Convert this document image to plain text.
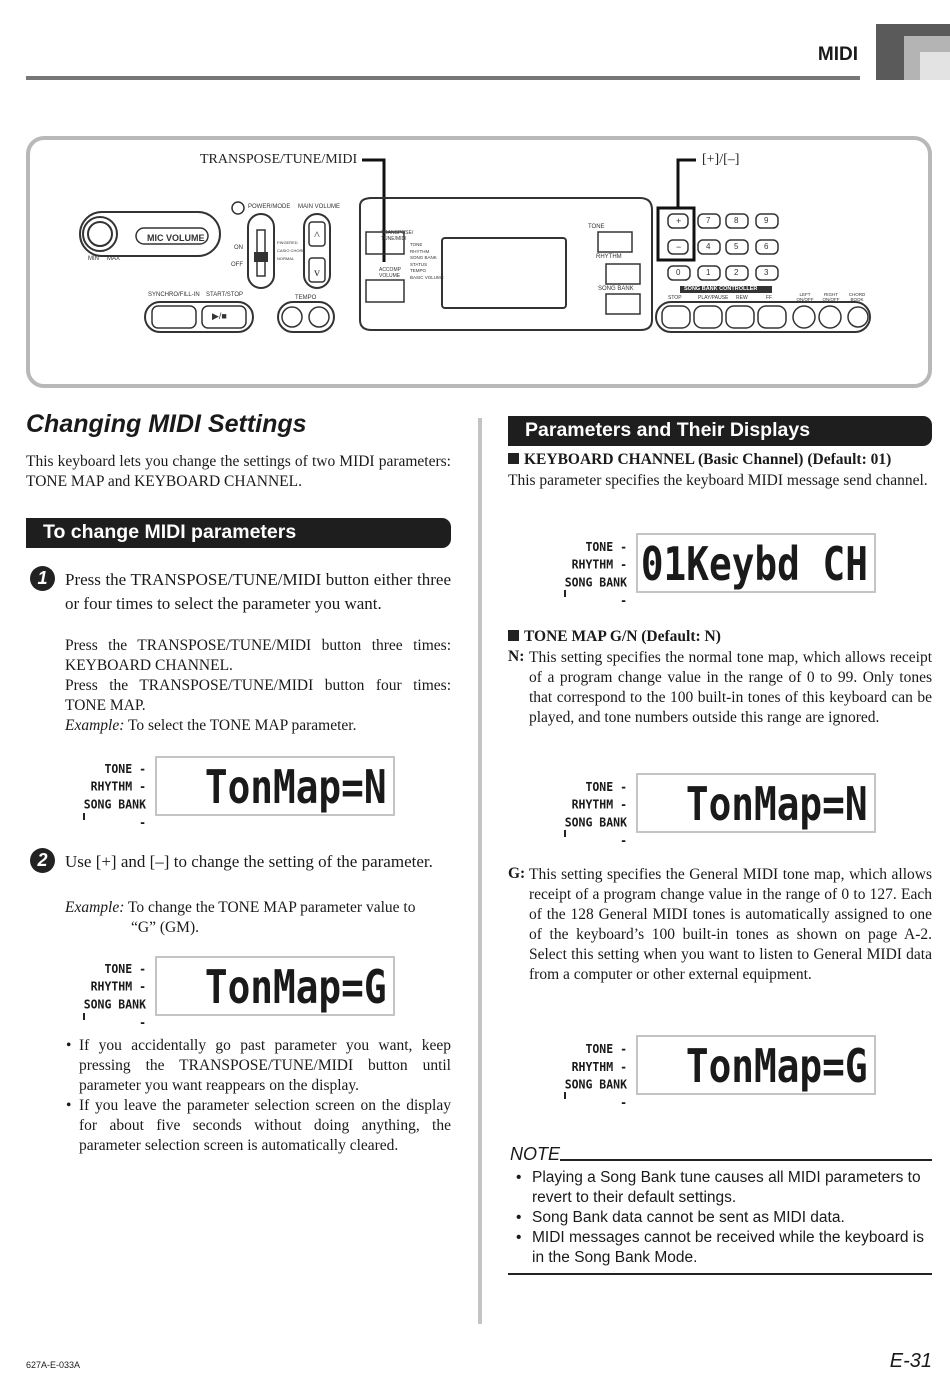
MIDI
TRANSPOSE/TUNE/MIDI	[+]/[–]
^
v
MIC VOLUME
MIN MAX
POWER/MODE MAIN VOLUME
ON
OFF
FINGERED
CASIO CHORD
NORMAL
SYNCHRO/FILL-IN START/STOP
▶/■
TEMPO
TRANSPOSE/ TUNE/MIDI
ACCOMP VOLUME
TONE
RHYTHM
SONG BANK
STATUS
TEMPO
BASIC VOLUME
TONE
RHYTHM
SONG BANK
+
−
7	8	9
4	5	6
0	1	2	3
SONG BANK CONTROLLER
STOP	PLAY/PAUSE REW	FF
LEFT ON/OFF
RIGHT ON/OFF
CHORD BOOK
Changing MIDI Settings
This keyboard lets you change the settings of two MIDI parameters: TONE MAP and KEYBOARD CHANNEL.
To change MIDI parameters
1	Press the TRANSPOSE/TUNE/MIDI button either three or four times to select the parameter you want.
Press the TRANSPOSE/TUNE/MIDI button three times: KEYBOARD CHANNEL.
Press the TRANSPOSE/TUNE/MIDI button four times: TONE MAP.
Example: To select the TONE MAP parameter.
TONE -
RHYTHM -
SONG BANK - TonMap=N
2	Use [+] and [–] to change the setting of the parameter.
Example: To change the TONE MAP parameter value to
“G” (GM).
TONE -
RHYTHM -
SONG BANK - TonMap=G
• If you accidentally go past parameter you want, keep pressing the TRANSPOSE/TUNE/MIDI button until parameter you want reappears on the display.
• If you leave the parameter selection screen on the display for about five seconds without doing anything, the parameter selection screen is automatically cleared.
Parameters and Their Displays
KEYBOARD CHANNEL (Basic Channel) (Default: 01)
This parameter specifies the keyboard MIDI message send channel.
TONE -
RHYTHM -
SONG BANK - 01Keybd CH
TONE MAP G/N (Default: N)
N: This setting specifies the normal tone map, which allows receipt of a program change value in the range of 0 to 99. Only tones that correspond to the 100 built-in tones of this keyboard can be played, and tone numbers outside this range are ignored.
TONE -
RHYTHM -
SONG BANK - TonMap=N
G: This setting specifies the General MIDI tone map, which allows receipt of a program change value in the range of 0 to 127. Each of the 128 General MIDI tones is automatically assigned to one of the keyboard’s 100 built-in tones as shown on page A-2. Select this setting when you want to listen to General MIDI data from a computer or other external equipment.
TONE -
RHYTHM -
SONG BANK - TonMap=G
NOTE
• Playing a Song Bank tune causes all MIDI parameters to revert to their default settings.
• Song Bank data cannot be sent as MIDI data.
• MIDI messages cannot be received while the keyboard is in the Song Bank Mode.
627A-E-033A	E-31
